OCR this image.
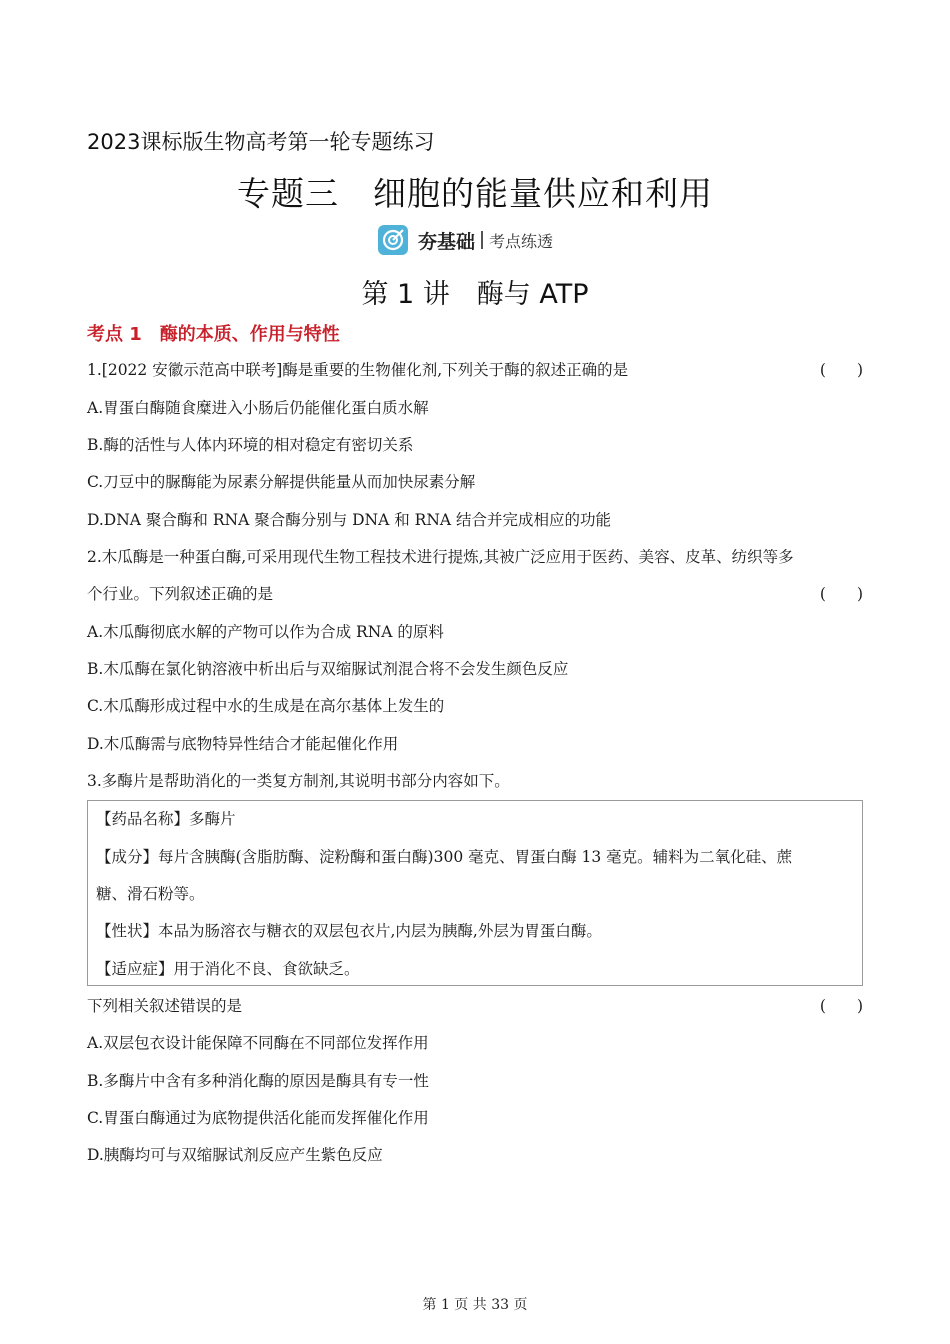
2023课标版生物高考第一轮专题练习
专题三　细胞的能量供应和利用
夯基础 考点练透
第 1 讲　酶与 ATP
考点 1　酶的本质、作用与特性
1.[2022 安徽示范高中联考]酶是重要的生物催化剂,下列关于酶的叙述正确的是	(　　)
A.胃蛋白酶随食糜进入小肠后仍能催化蛋白质水解
B.酶的活性与人体内环境的相对稳定有密切关系
C.刀豆中的脲酶能为尿素分解提供能量从而加快尿素分解
D.DNA 聚合酶和 RNA 聚合酶分别与 DNA 和 RNA 结合并完成相应的功能
2.木瓜酶是一种蛋白酶,可采用现代生物工程技术进行提炼,其被广泛应用于医药、美容、皮革、纺织等多
个行业。下列叙述正确的是	(　　)
A.木瓜酶彻底水解的产物可以作为合成 RNA 的原料
B.木瓜酶在氯化钠溶液中析出后与双缩脲试剂混合将不会发生颜色反应
C.木瓜酶形成过程中水的生成是在高尔基体上发生的
D.木瓜酶需与底物特异性结合才能起催化作用
3.多酶片是帮助消化的一类复方制剂,其说明书部分内容如下。
【药品名称】多酶片
【成分】每片含胰酶(含脂肪酶、淀粉酶和蛋白酶)300 毫克、胃蛋白酶 13 毫克。辅料为二氧化硅、蔗
糖、滑石粉等。
【性状】本品为肠溶衣与糖衣的双层包衣片,内层为胰酶,外层为胃蛋白酶。
【适应症】用于消化不良、食欲缺乏。
下列相关叙述错误的是	(　　)
A.双层包衣设计能保障不同酶在不同部位发挥作用
B.多酶片中含有多种消化酶的原因是酶具有专一性
C.胃蛋白酶通过为底物提供活化能而发挥催化作用
D.胰酶均可与双缩脲试剂反应产生紫色反应
第 1 页 共 33 页
